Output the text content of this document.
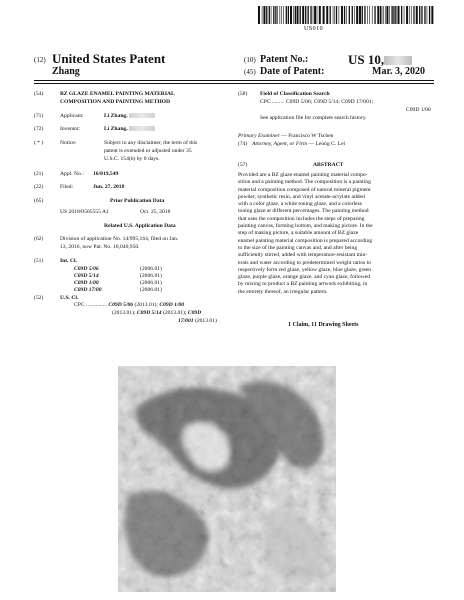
US010
(12) United States Patent
Zhang
(10) Patent No.:	US 10,
(45) Date of Patent:	Mar. 3, 2020
(54)	BZ GLAZE ENAMEL PAINTING MATERIAL
COMPOSITION AND PAINTING METHOD
(71)	Applicant:	Li Zhang,
(72)	Inventor:	Li Zhang,
( * )	Notice:	Subject to any disclaimer, the term of this
patent is extended or adjusted under 35
U.S.C. 154(b) by 0 days.
(21)	Appl. No.: 16/019,549
(22)	Filed:	Jun. 27, 2018
(65)	Prior Publication Data
US 2018/0505555 A1	Oct. 25, 2018
Related U.S. Application Data
(62)	Division of application No. 14/995,164, filed on Jan.
13, 2016, now Pat. No. 10,040,950.
(51)	Int. Cl.
C09D 5/06	(2006.01)
C09D 5/14	(2006.01)
C09D 1/00	(2006.01)
C09D 17/00	(2006.01)
(52)	U.S. Cl.
CPC ............... C09D 5/06 (2013.01); C09D 1/00
(2013.01); C09D 5/14 (2013.01); C09D
17/001 (2013.01)
(58) Field of Classification Search
CPC ......... C09D 5/06; C09D 5/14; C09D 17/001;
C09D 1/00
See application file for complete search history.
Primary Examiner — Francisco W Tschen
(74) Attorney, Agent, or Firm — Leong C. Lei
(57)	ABSTRACT
Provided are a BZ glaze enamel painting material compo-
sition and a painting method. The composition is a painting
material composition composed of natural mineral pigment
powder, synthetic resin, and vinyl acetate-acrylate added
with a color glaze, a white toning glaze, and a colorless
toning glaze at different percentages. The painting method
that uses the composition includes the steps of preparing
painting canvas, forming bottom, and making picture. In the
step of making picture, a suitable amount of BZ glaze
enamel painting material composition is prepared according
to the size of the painting canvas and, and after being
sufficiently stirred, added with temperature-resistant min-
erals and water according to predetermined weight ratios to
respectively form red glaze, yellow glaze, blue glaze, green
glaze, purple glaze, orange glaze, and cyan glaze, followed
by mixing to product a BZ painting artwork exhibiting, in
the entirety thereof, an irregular pattern.
1 Claim, 11 Drawing Sheets
